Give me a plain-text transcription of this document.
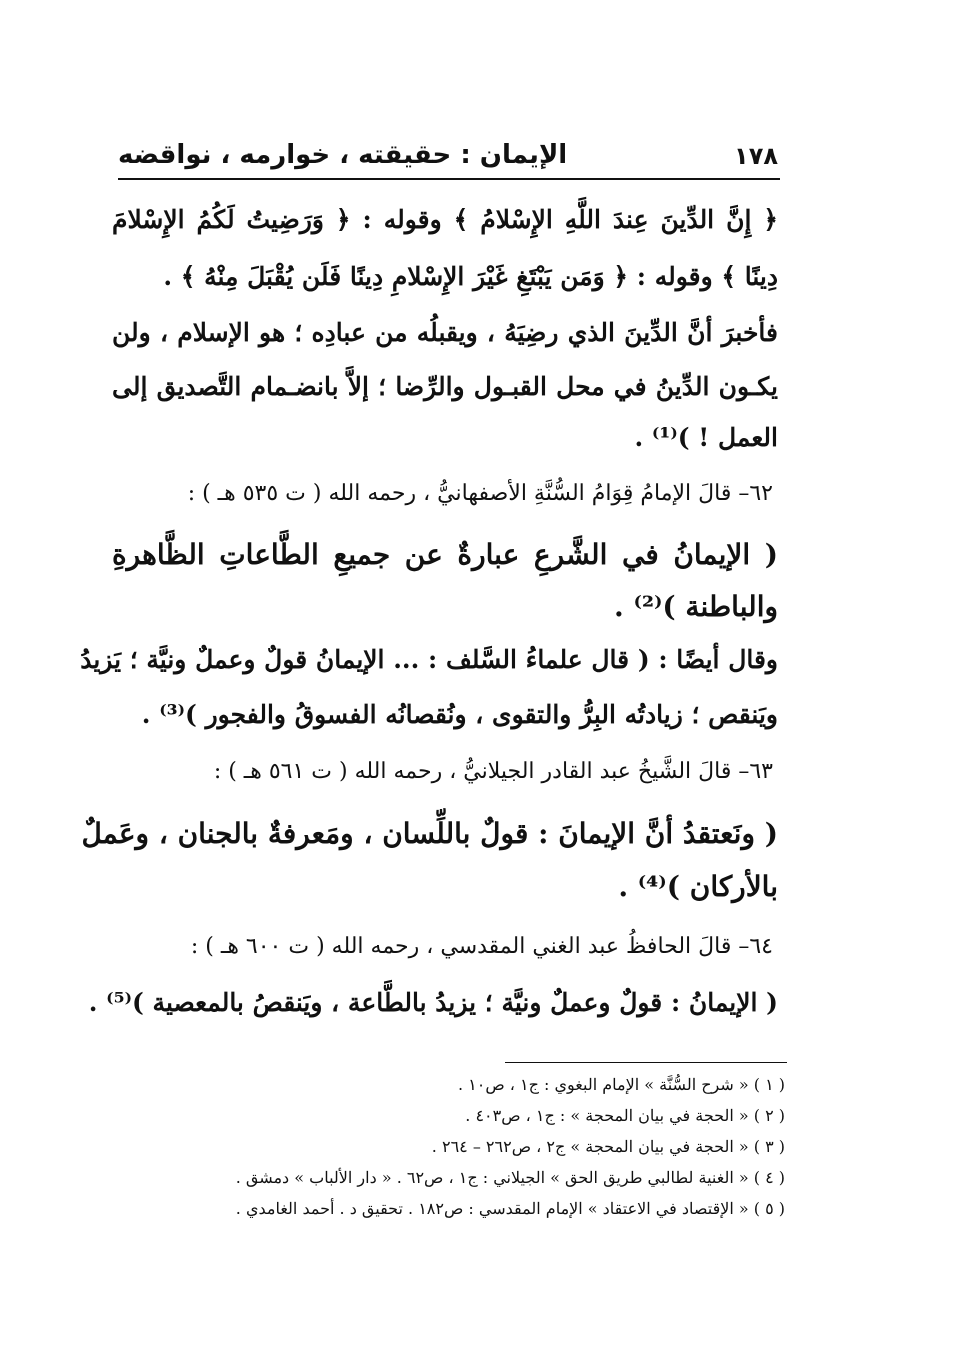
١٧٨
الإيمان : حقيقته ، خوارمه ، نواقضه
﴿ إِنَّ الدِّينَ عِندَ اللَّهِ الإِسْلامُ ﴾ وقوله : ﴿ وَرَضِيتُ لَكُمُ الإِسْلامَ
دِينًا ﴾ وقوله : ﴿ وَمَن يَبْتَغِ غَيْرَ الإِسْلامِ دِينًا فَلَن يُقْبَلَ مِنْهُ ﴾ .
فأخبرَ أنَّ الدِّينَ الذي رضِيَهُ ، ويقبلُه من عبادِه ؛ هو الإسلام ، ولن
يكـون الدِّينُ في محل القبـول والرِّضا ؛ إلاَّ بانضـمام التَّصديق إلى
العمل ! )⁽¹⁾ .
٦٢– قالَ الإمامُ قِوَامُ السُّنَّةِ الأصفهانيُّ ، رحمه الله ( ت ٥٣٥ هـ ) :
( الإيمانُ في الشَّرعِ عبارةٌ عن جميعِ الطَّاعاتِ الظَّاهرةِ
والباطنة )⁽²⁾ .
وقال أيضًا : ( قال علماءُ السَّلف : ... الإيمانُ قولٌ وعملٌ ونيَّة ؛ يَزيدُ
ويَنقص ؛ زيادتُه البِرُّ والتقوى ، ونُقصانُه الفسوقُ والفجور )⁽³⁾ .
٦٣– قالَ الشَّيخُ عبد القادر الجيلانيُّ ، رحمه الله ( ت ٥٦١ هـ ) :
( ونَعتقدُ أنَّ الإيمانَ : قولٌ باللِّسان ، ومَعرفةٌ بالجنان ، وعَملٌ
بالأركان )⁽⁴⁾ .
٦٤– قالَ الحافظُ عبد الغني المقدسي ، رحمه الله ( ت ٦٠٠ هـ ) :
( الإيمانُ : قولٌ وعملٌ ونيَّة ؛ يزيدُ بالطَّاعة ، ويَنقصُ بالمعصية )⁽⁵⁾ .
( ١ ) « شرح السُّنَّة » الإمام البغوي : ج١ ، ص١٠ .
( ٢ ) « الحجة في بيان المحجة » : ج١ ، ص٤٠٣ .
( ٣ ) « الحجة في بيان المحجة » ج٢ ، ص٢٦٢ – ٢٦٤ .
( ٤ ) « الغنية لطالبي طريق الحق » الجيلاني : ج١ ، ص٦٢ . « دار الألباب » دمشق .
( ٥ ) « الإقتصاد في الاعتقاد » الإمام المقدسي : ص١٨٢ . تحقيق د . أحمد الغامدي .
